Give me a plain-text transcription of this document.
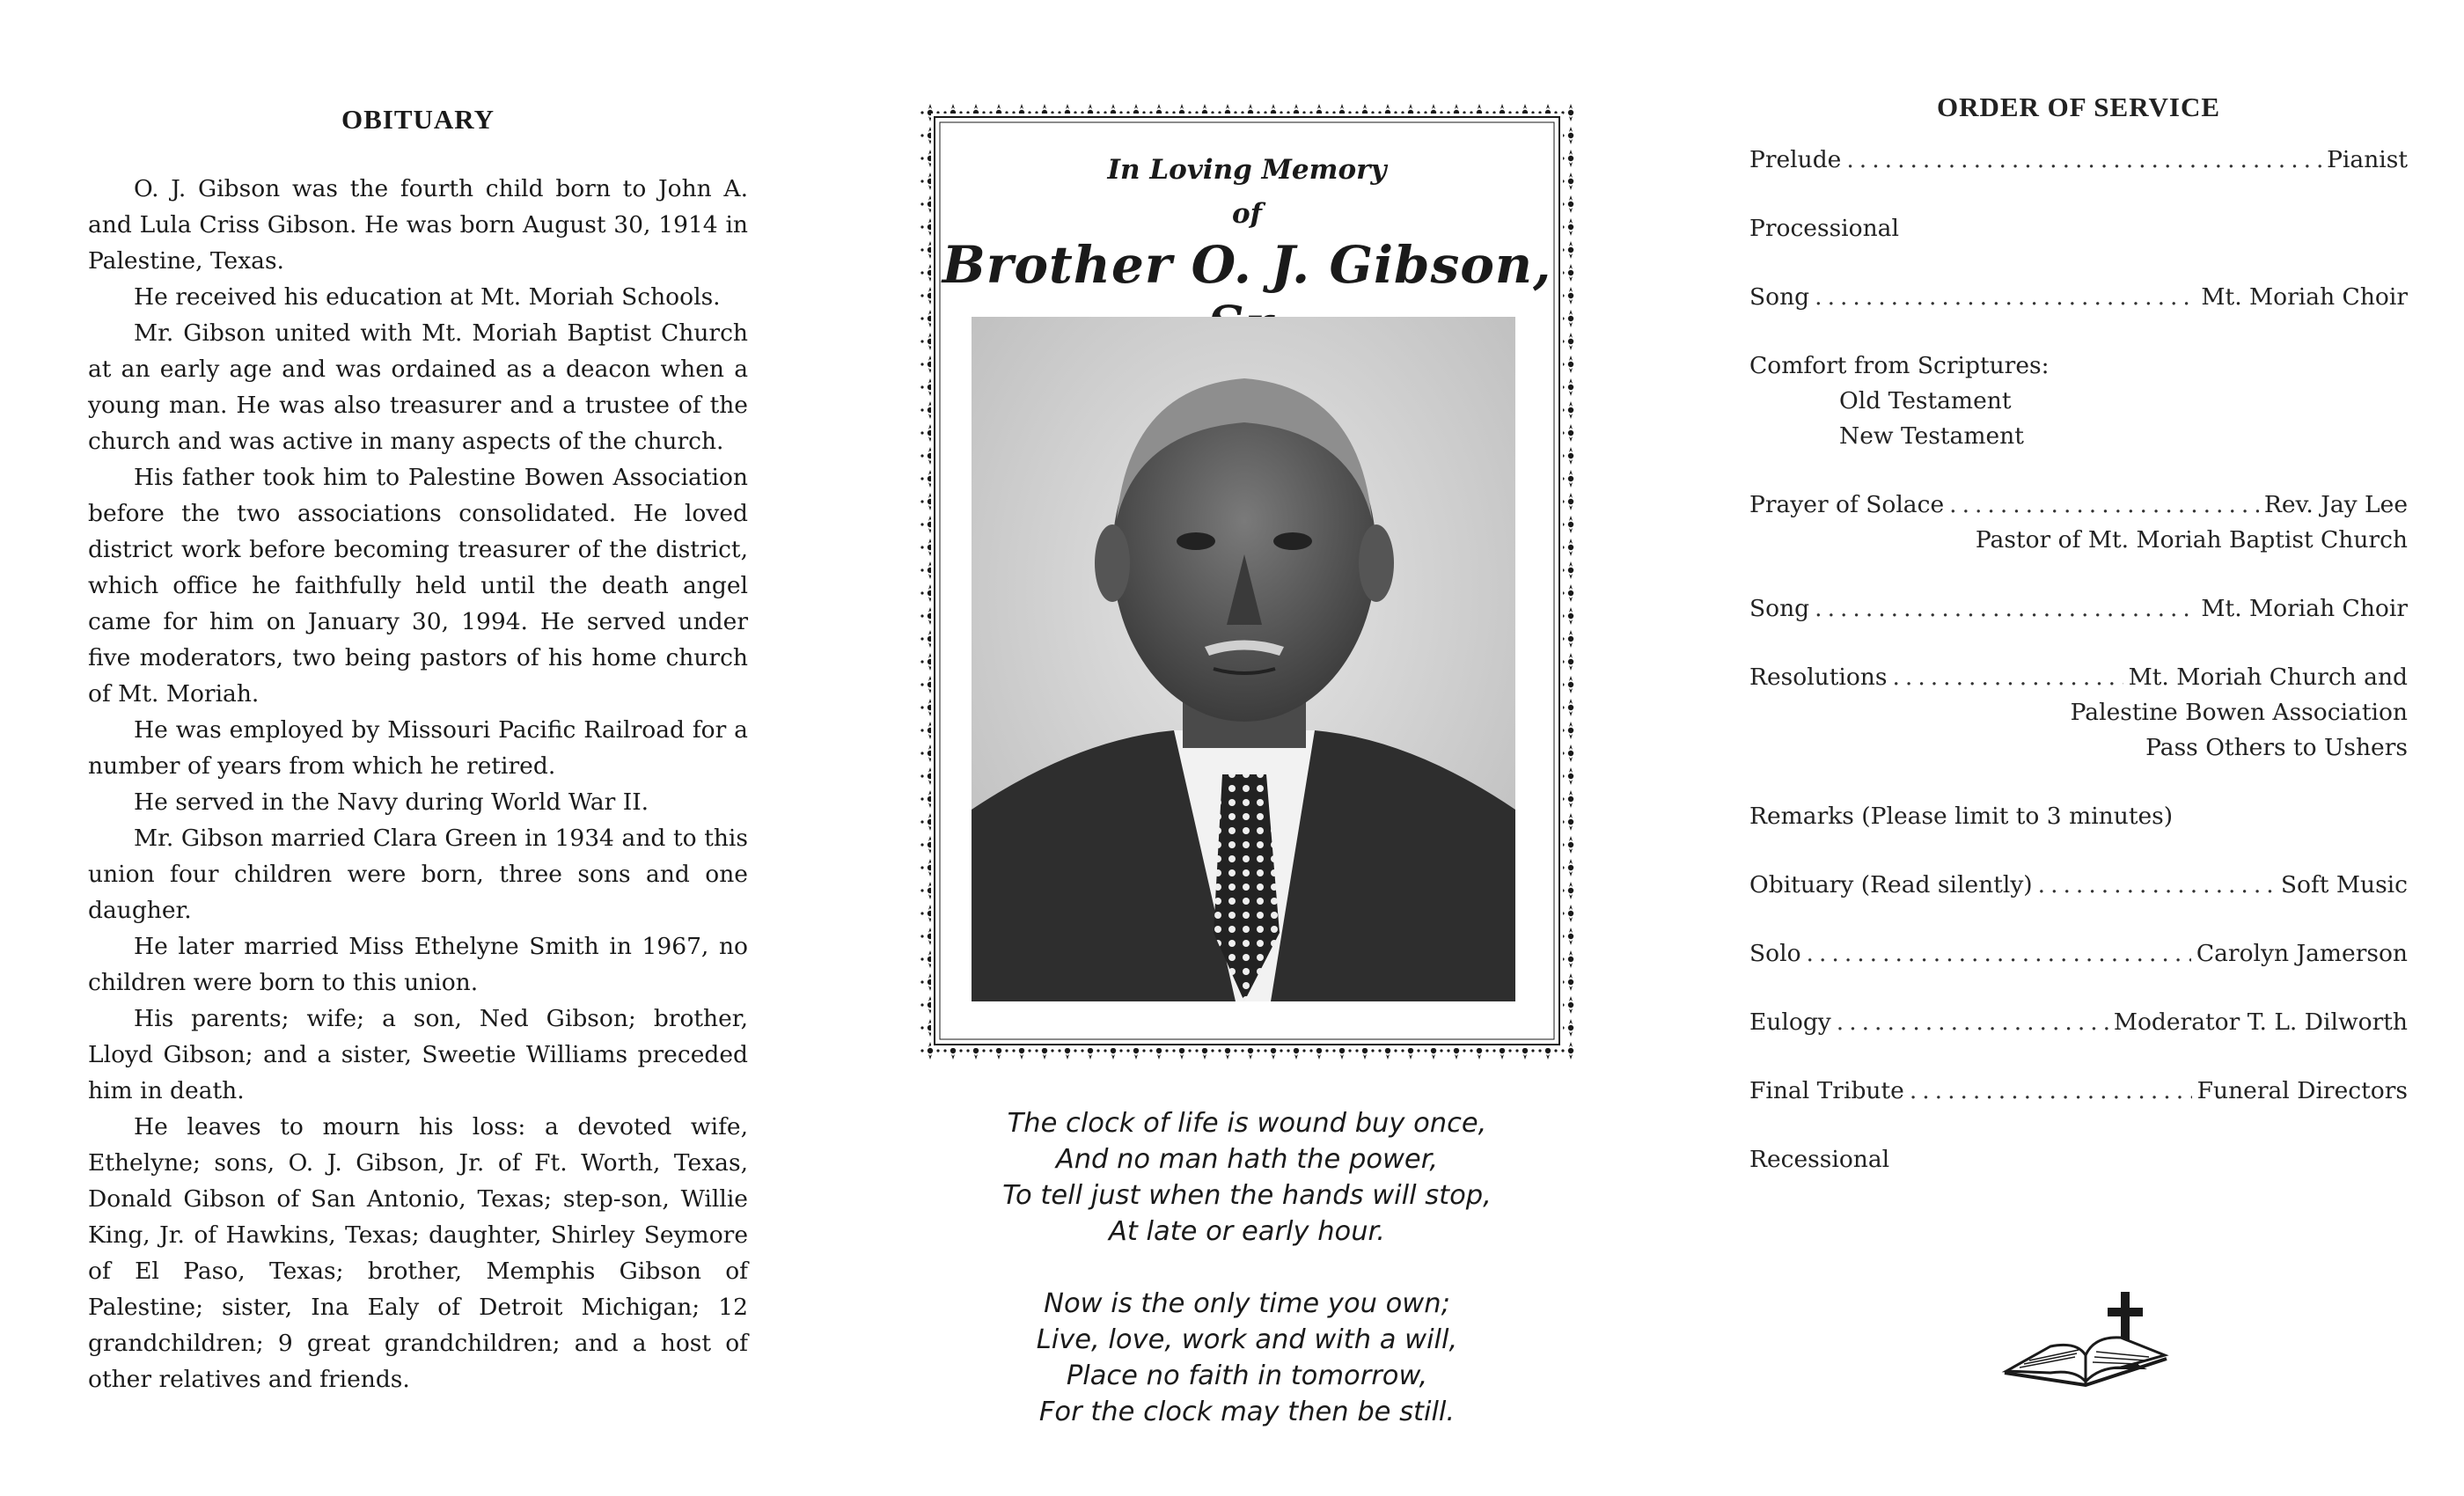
OBITUARY

O. J. Gibson was the fourth child born to John A. and Lula Criss Gibson. He was born August 30, 1914 in Palestine, Texas.

He received his education at Mt. Moriah Schools.

Mr. Gibson united with Mt. Moriah Baptist Church at an early age and was ordained as a deacon when a young man. He was also treasurer and a trustee of the church and was active in many aspects of the church.

His father took him to Palestine Bowen Association before the two associations consolidated. He loved district work before becoming treasurer of the district, which office he faithfully held until the death angel came for him on January 30, 1994. He served under five moderators, two being pastors of his home church of Mt. Moriah.

He was employed by Missouri Pacific Railroad for a number of years from which he retired.

He served in the Navy during World War II.

Mr. Gibson married Clara Green in 1934 and to this union four children were born, three sons and one daugher.

He later married Miss Ethelyne Smith in 1967, no children were born to this union.

His parents; wife; a son, Ned Gibson; brother, Lloyd Gibson; and a sister, Sweetie Williams preceded him in death.

He leaves to mourn his loss: a devoted wife, Ethelyne; sons, O. J. Gibson, Jr. of Ft. Worth, Texas, Donald Gibson of San Antonio, Texas; step-son, Willie King, Jr. of Hawkins, Texas; daughter, Shirley Seymore of El Paso, Texas; brother, Memphis Gibson of Palestine; sister, Ina Ealy of Detroit Michigan; 12 grandchildren; 9 great grandchildren; and a host of other relatives and friends.

In Loving Memory
of
Brother O. J. Gibson,
The clock of life is wound buy once,
And no man hath the power,
To tell just when the hands will stop,
At late or early hour.
Now is the only time you own;
Live, love, work and with a will,
Place no faith in tomorrow,
For the clock may then be still.
ORDER OF SERVICE
Prelude .....	Pianist
Processional
Song .....	Mt. Moriah Choir
Comfort from Scriptures:
Old Testament
New Testament
Prayer of Solace .....	Rev. Jay Lee
Pastor of Mt. Moriah Baptist Church
Song .....	Mt. Moriah Choir
Resolutions .....	Mt. Moriah Church and
Palestine Bowen Association
Pass Others to Ushers
Remarks (Please limit to 3 minutes)
Obituary (Read silently) .....	Soft Music
Solo .....	Carolyn Jamerson
Eulogy .....	Moderator T. L. Dilworth
Final Tribute .....	Funeral Directors
Recessional
